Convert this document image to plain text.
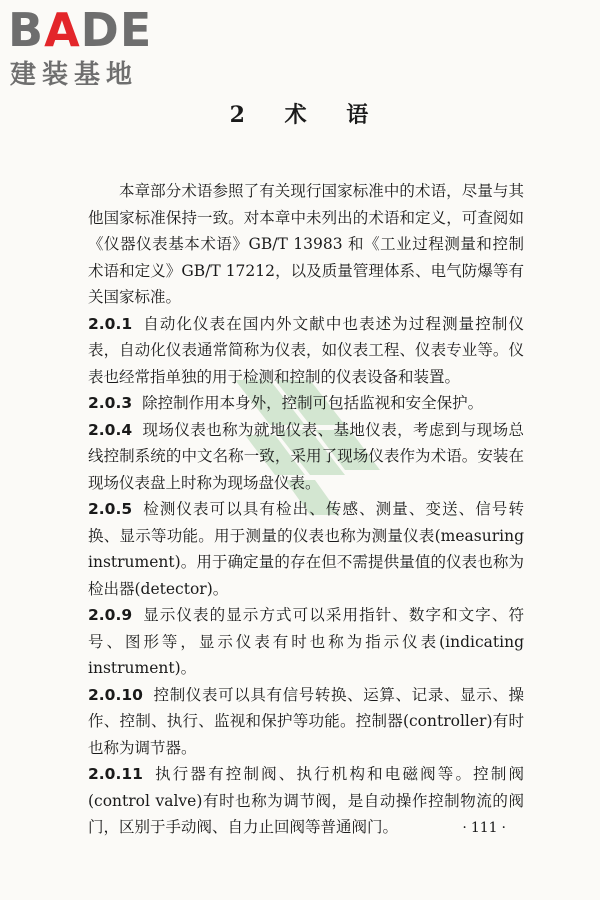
BADE
建装基地
2 术 语

本章部分术语参照了有关现行国家标准中的术语，尽量与其他国家标准保持一致。对本章中未列出的术语和定义，可查阅如《仪器仪表基本术语》GB/T 13983 和《工业过程测量和控制　术语和定义》GB/T 17212，以及质量管理体系、电气防爆等有关国家标准。

2.0.1 自动化仪表在国内外文献中也表述为过程测量控制仪表，自动化仪表通常简称为仪表，如仪表工程、仪表专业等。仪表也经常指单独的用于检测和控制的仪表设备和装置。

2.0.3 除控制作用本身外，控制可包括监视和安全保护。

2.0.4 现场仪表也称为就地仪表、基地仪表，考虑到与现场总线控制系统的中文名称一致，采用了现场仪表作为术语。安装在现场仪表盘上时称为现场盘仪表。

2.0.5 检测仪表可以具有检出、传感、测量、变送、信号转换、显示等功能。用于测量的仪表也称为测量仪表(measuring instrument)。用于确定量的存在但不需提供量值的仪表也称为检出器(detector)。

2.0.9 显示仪表的显示方式可以采用指针、数字和文字、符号、图形等，显示仪表有时也称为指示仪表(indicating instrument)。

2.0.10 控制仪表可以具有信号转换、运算、记录、显示、操作、控制、执行、监视和保护等功能。控制器(controller)有时也称为调节器。

2.0.11 执行器有控制阀、执行机构和电磁阀等。控制阀(control valve)有时也称为调节阀，是自动操作控制物流的阀门，区别于手动阀、自力止回阀等普通阀门。	· 111 ·
